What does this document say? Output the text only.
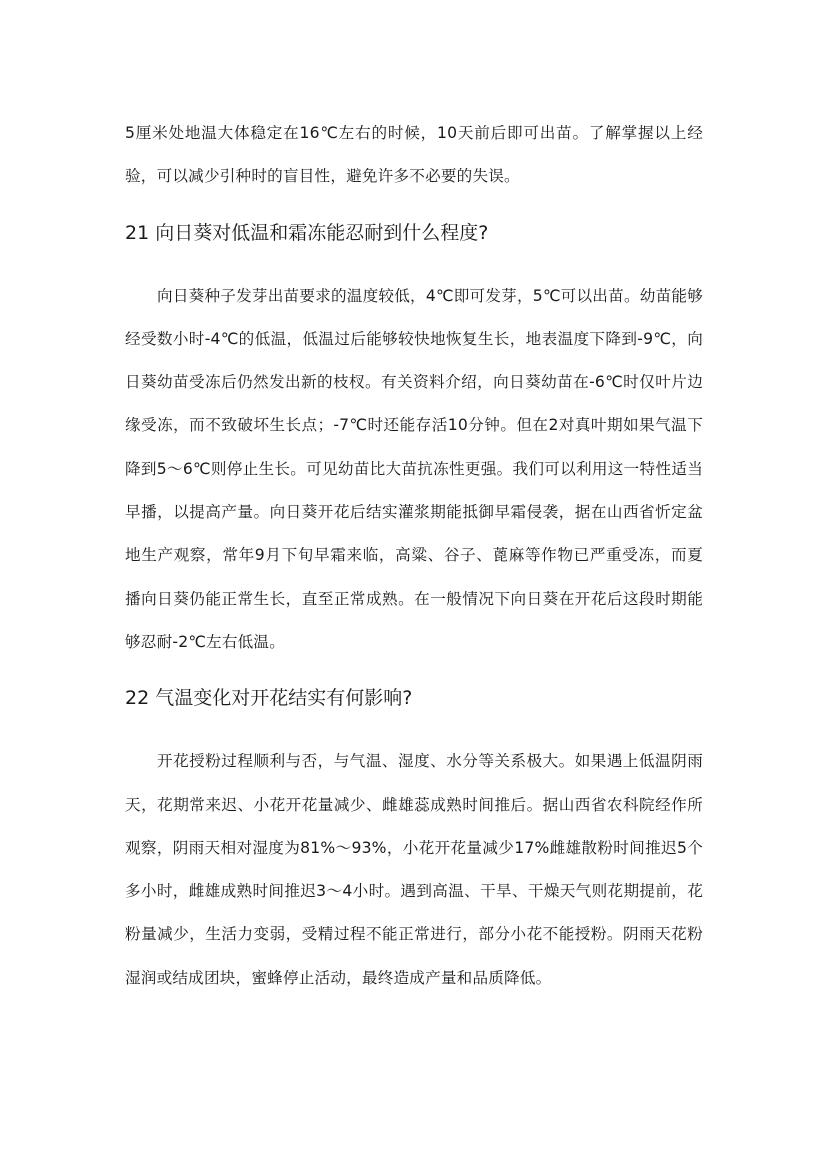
5厘米处地温大体稳定在16℃左右的时候，10天前后即可出苗。了解掌握以上经验，可以减少引种时的盲目性，避免许多不必要的失误。

21 向日葵对低温和霜冻能忍耐到什么程度?

向日葵种子发芽出苗要求的温度较低，4℃即可发芽，5℃可以出苗。幼苗能够经受数小时-4℃的低温，低温过后能够较快地恢复生长，地表温度下降到-9℃，向日葵幼苗受冻后仍然发出新的枝杈。有关资料介绍，向日葵幼苗在-6℃时仅叶片边缘受冻，而不致破坏生长点；-7℃时还能存活10分钟。但在2对真叶期如果气温下降到5～6℃则停止生长。可见幼苗比大苗抗冻性更强。我们可以利用这一特性适当早播，以提高产量。向日葵开花后结实灌浆期能抵御早霜侵袭，据在山西省忻定盆地生产观察，常年9月下旬早霜来临，高粱、谷子、蓖麻等作物已严重受冻，而夏播向日葵仍能正常生长，直至正常成熟。在一般情况下向日葵在开花后这段时期能够忍耐-2℃左右低温。

22 气温变化对开花结实有何影响?

开花授粉过程顺利与否，与气温、湿度、水分等关系极大。如果遇上低温阴雨天，花期常来迟、小花开花量减少、雌雄蕊成熟时间推后。据山西省农科院经作所观察，阴雨天相对湿度为81%～93%，小花开花量减少17%雌雄散粉时间推迟5个多小时，雌雄成熟时间推迟3～4小时。遇到高温、干旱、干燥天气则花期提前，花粉量减少，生活力变弱，受精过程不能正常进行，部分小花不能授粉。阴雨天花粉湿润或结成团块，蜜蜂停止活动，最终造成产量和品质降低。
